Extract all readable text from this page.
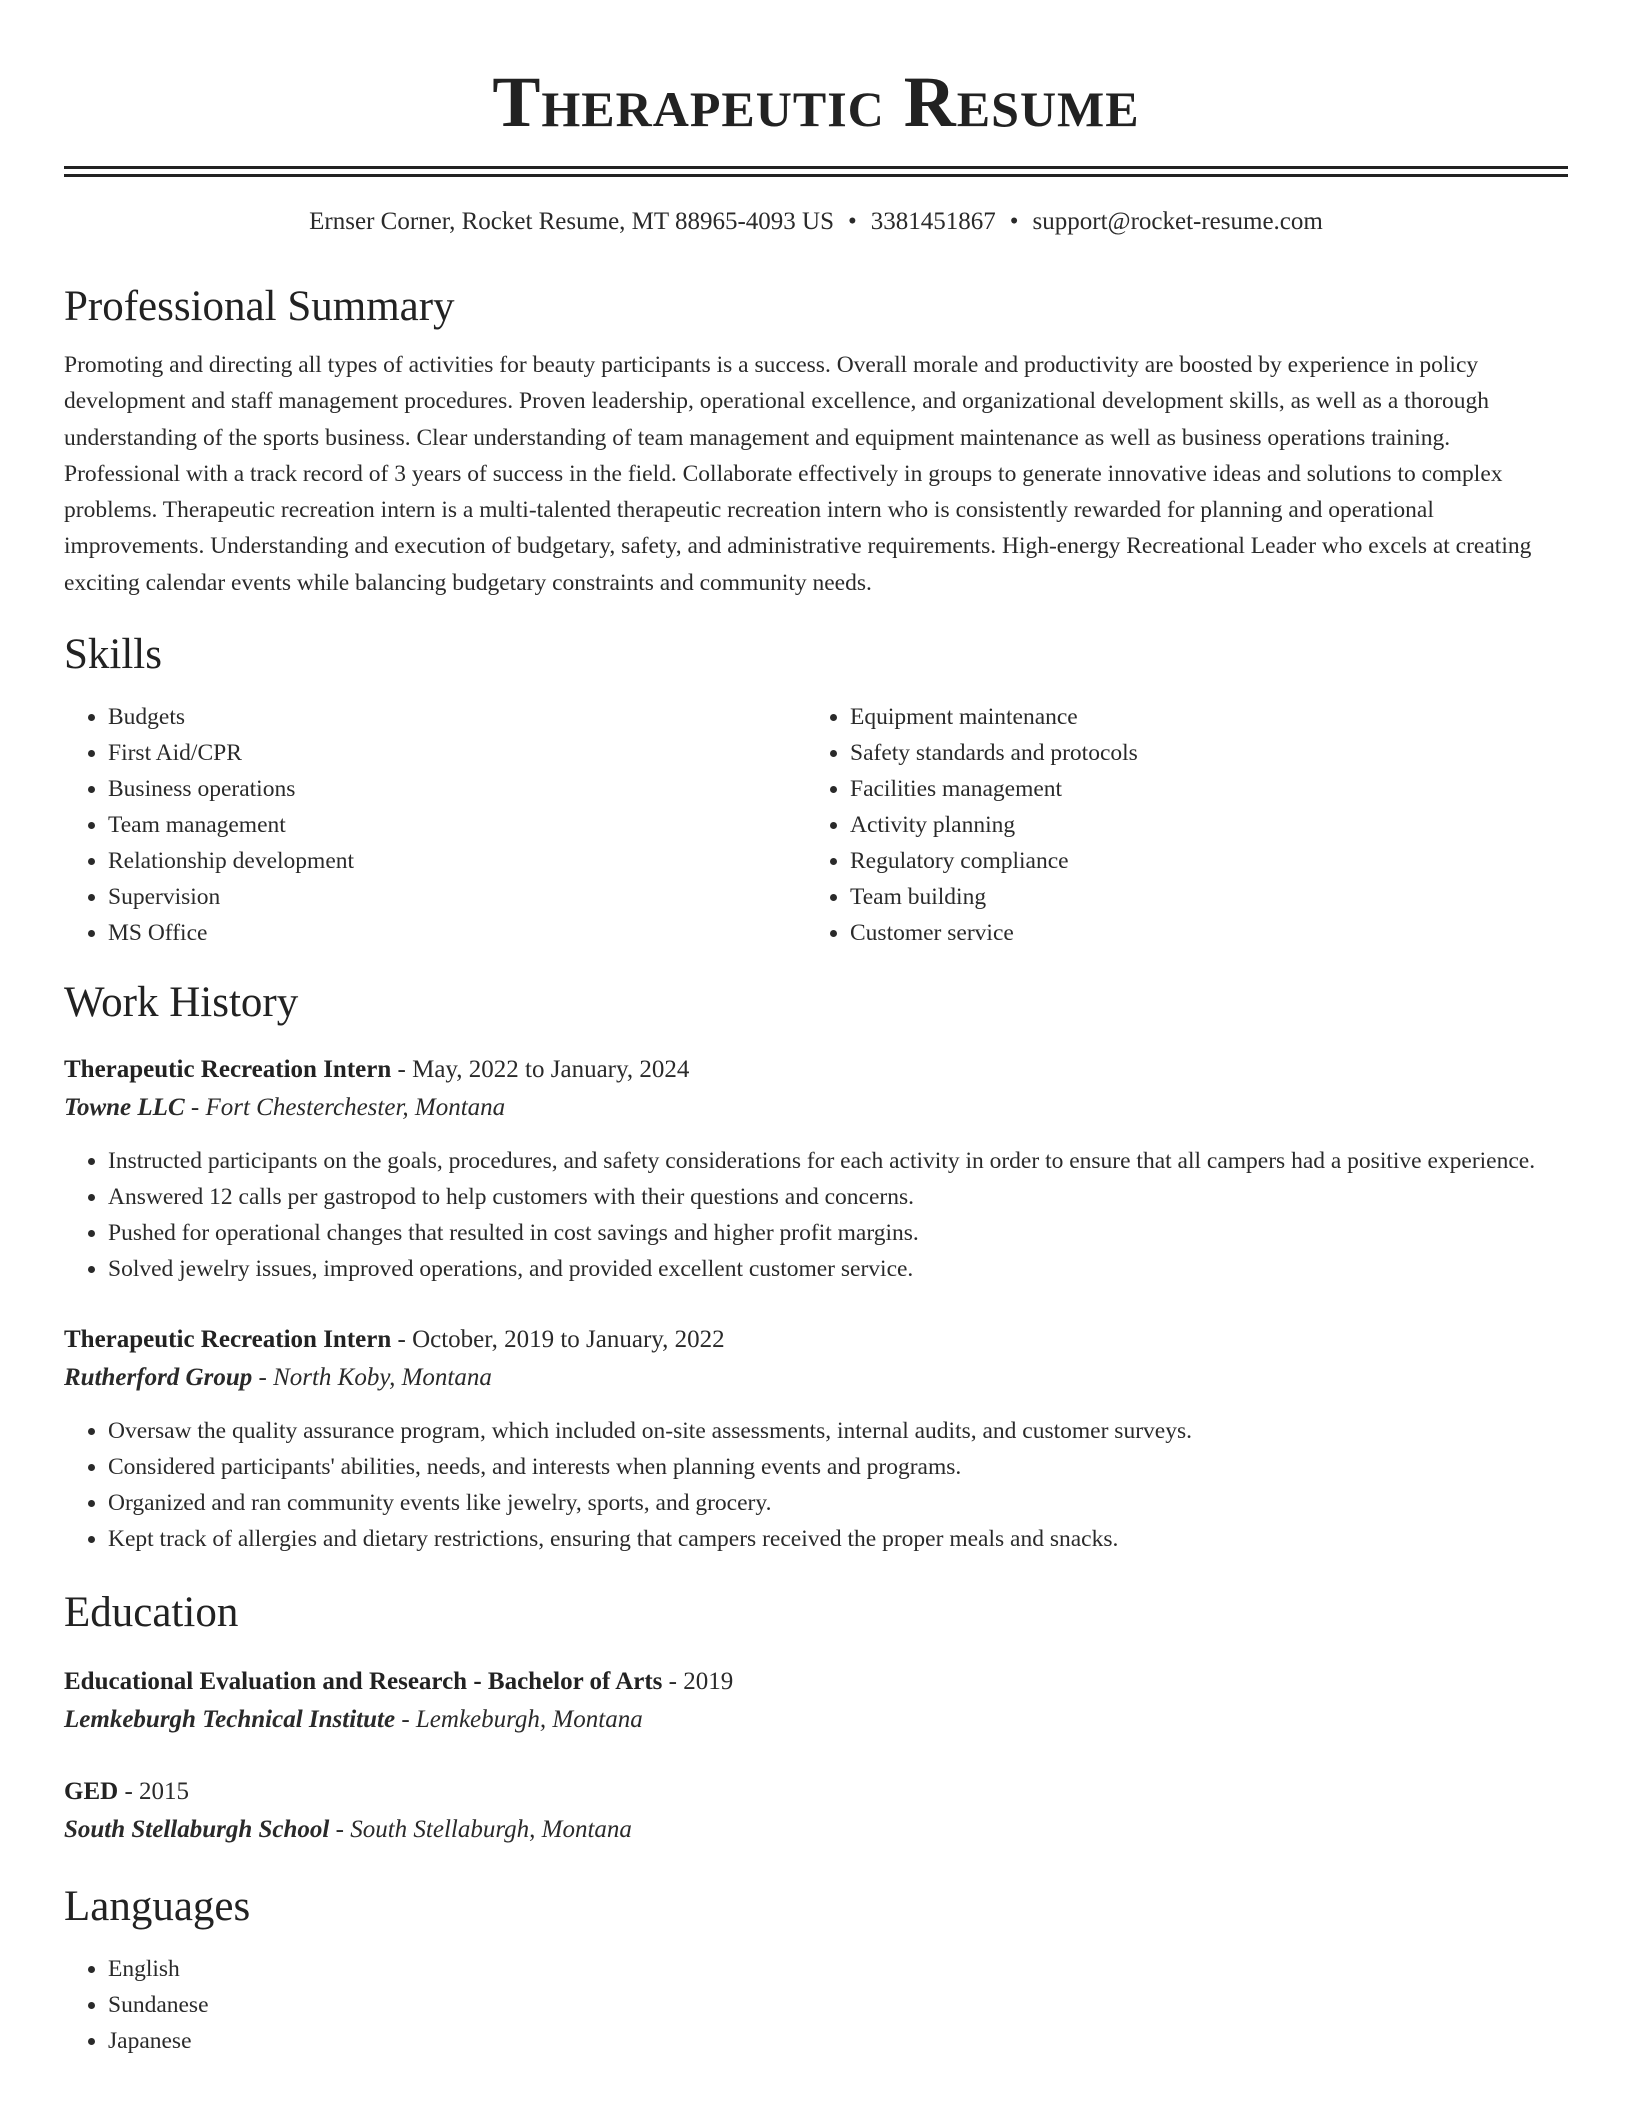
Therapeutic Resume
Ernser Corner, Rocket Resume, MT 88965-4093 US • 3381451867 • support@rocket-resume.com
Professional Summary
Promoting and directing all types of activities for beauty participants is a success. Overall morale and productivity are boosted by experience in policy development and staff management procedures. Proven leadership, operational excellence, and organizational development skills, as well as a thorough understanding of the sports business. Clear understanding of team management and equipment maintenance as well as business operations training. Professional with a track record of 3 years of success in the field. Collaborate effectively in groups to generate innovative ideas and solutions to complex problems. Therapeutic recreation intern is a multi-talented therapeutic recreation intern who is consistently rewarded for planning and operational improvements. Understanding and execution of budgetary, safety, and administrative requirements. High-energy Recreational Leader who excels at creating exciting calendar events while balancing budgetary constraints and community needs.
Skills
• Budgets
• First Aid/CPR
• Business operations
• Team management
• Relationship development
• Supervision
• MS Office
• Equipment maintenance
• Safety standards and protocols
• Facilities management
• Activity planning
• Regulatory compliance
• Team building
• Customer service
Work History
Therapeutic Recreation Intern - May, 2022 to January, 2024
Towne LLC - Fort Chesterchester, Montana
• Instructed participants on the goals, procedures, and safety considerations for each activity in order to ensure that all campers had a positive experience.
• Answered 12 calls per gastropod to help customers with their questions and concerns.
• Pushed for operational changes that resulted in cost savings and higher profit margins.
• Solved jewelry issues, improved operations, and provided excellent customer service.
Therapeutic Recreation Intern - October, 2019 to January, 2022
Rutherford Group - North Koby, Montana
• Oversaw the quality assurance program, which included on-site assessments, internal audits, and customer surveys.
• Considered participants' abilities, needs, and interests when planning events and programs.
• Organized and ran community events like jewelry, sports, and grocery.
• Kept track of allergies and dietary restrictions, ensuring that campers received the proper meals and snacks.
Education
Educational Evaluation and Research - Bachelor of Arts - 2019
Lemkeburgh Technical Institute - Lemkeburgh, Montana
GED - 2015
South Stellaburgh School - South Stellaburgh, Montana
Languages
• English
• Sundanese
• Japanese
